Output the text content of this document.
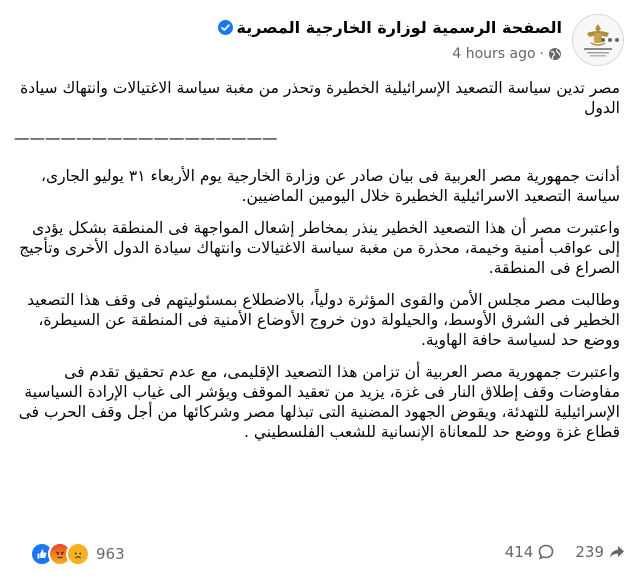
الصفحة الرسمية لوزارة الخارجية المصرية
4 hours ago ·

مصر تدين سياسة التصعيد الإسرائيلية الخطيرة وتحذر من مغبة سياسة الاغتيالات وانتهاك سيادة الدول

—————————————————

أدانت جمهورية مصر العربية فى بيان صادر عن وزارة الخارجية يوم الأربعاء ٣١ يوليو الجارى، سياسة التصعيد الاسرائيلية الخطيرة خلال اليومين الماضيين.

واعتبرت مصر أن هذا التصعيد الخطير ينذر بمخاطر إشعال المواجهة فى المنطقة بشكل يؤدى إلى عواقب أمنية وخيمة، محذرة من مغبة سياسة الاغتيالات وانتهاك سيادة الدول الأخرى وتأجيج الصراع فى المنطقة.

وطالبت مصر مجلس الأمن والقوى المؤثرة دولياً، بالاضطلاع بمسئوليتهم فى وقف هذا التصعيد الخطير فى الشرق الأوسط، والحيلولة دون خروج الأوضاع الأمنية فى المنطقة عن السيطرة، ووضع حد لسياسة حافة الهاوية.

واعتبرت جمهورية مصر العربية أن تزامن هذا التصعيد الإقليمى، مع عدم تحقيق تقدم فى مفاوضات وقف إطلاق النار فى غزة، يزيد من تعقيد الموقف ويؤشر الى غياب الإرادة السياسية الإسرائيلية للتهدئة، ويقوض الجهود المضنية التى تبذلها مصر وشركائها من أجل وقف الحرب فى قطاع غزة ووضع حد للمعاناة الإنسانية للشعب الفلسطيني .

963	414	239
